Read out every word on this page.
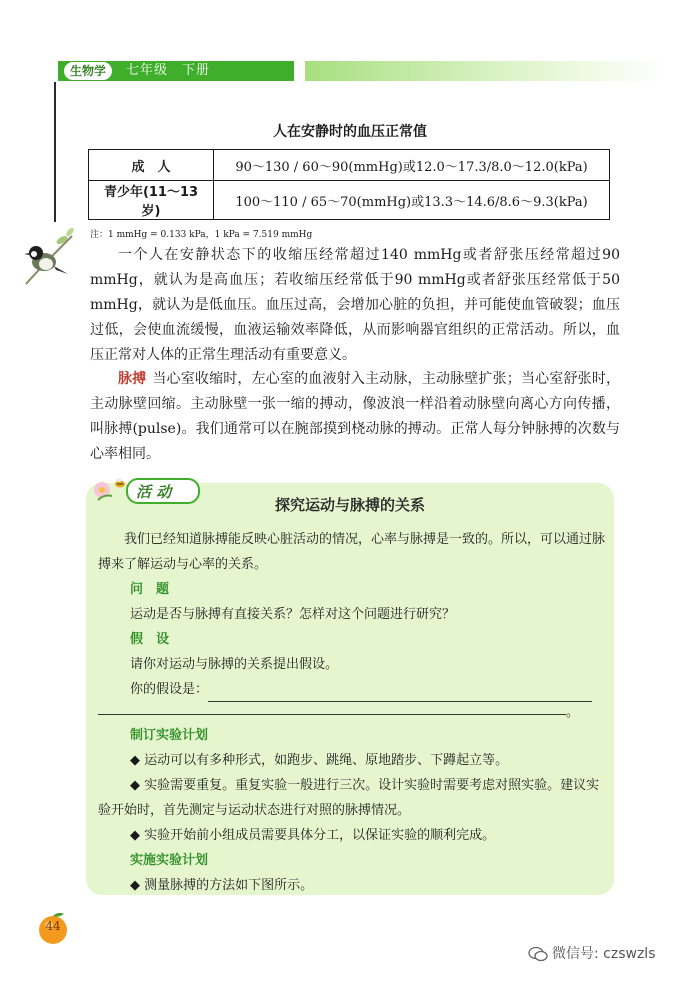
生物学	七年级　下册
人在安静时的血压正常值
成　人	90～130 / 60～90(mmHg)或12.0～17.3/8.0～12.0(kPa)
青少年(11～13岁)	100～110 / 65～70(mmHg)或13.3～14.6/8.6～9.3(kPa)
注：1 mmHg = 0.133 kPa，1 kPa = 7.519 mmHg

一个人在安静状态下的收缩压经常超过140 mmHg或者舒张压经常超过90 mmHg，就认为是高血压；若收缩压经常低于90 mmHg或者舒张压经常低于50 mmHg，就认为是低血压。血压过高，会增加心脏的负担，并可能使血管破裂；血压过低，会使血流缓慢，血液运输效率降低，从而影响器官组织的正常活动。所以，血压正常对人体的正常生理活动有重要意义。

脉搏 当心室收缩时，左心室的血液射入主动脉，主动脉壁扩张；当心室舒张时，主动脉壁回缩。主动脉壁一张一缩的搏动，像波浪一样沿着动脉壁向离心方向传播，叫脉搏(pulse)。我们通常可以在腕部摸到桡动脉的搏动。正常人每分钟脉搏的次数与心率相同。

活 动
探究运动与脉搏的关系

我们已经知道脉搏能反映心脏活动的情况，心率与脉搏是一致的。所以，可以通过脉搏来了解运动与心率的关系。

问　题

运动是否与脉搏有直接关系？怎样对这个问题进行研究？

假　设

请你对运动与脉搏的关系提出假设。

你的假设是：

。

制订实验计划

◆ 运动可以有多种形式，如跑步、跳绳、原地踏步、下蹲起立等。

◆ 实验需要重复。重复实验一般进行三次。设计实验时需要考虑对照实验。建议实验开始时，首先测定与运动状态进行对照的脉搏情况。

◆ 实验开始前小组成员需要具体分工，以保证实验的顺利完成。

实施实验计划

◆ 测量脉搏的方法如下图所示。

44
微信号: czswzls
